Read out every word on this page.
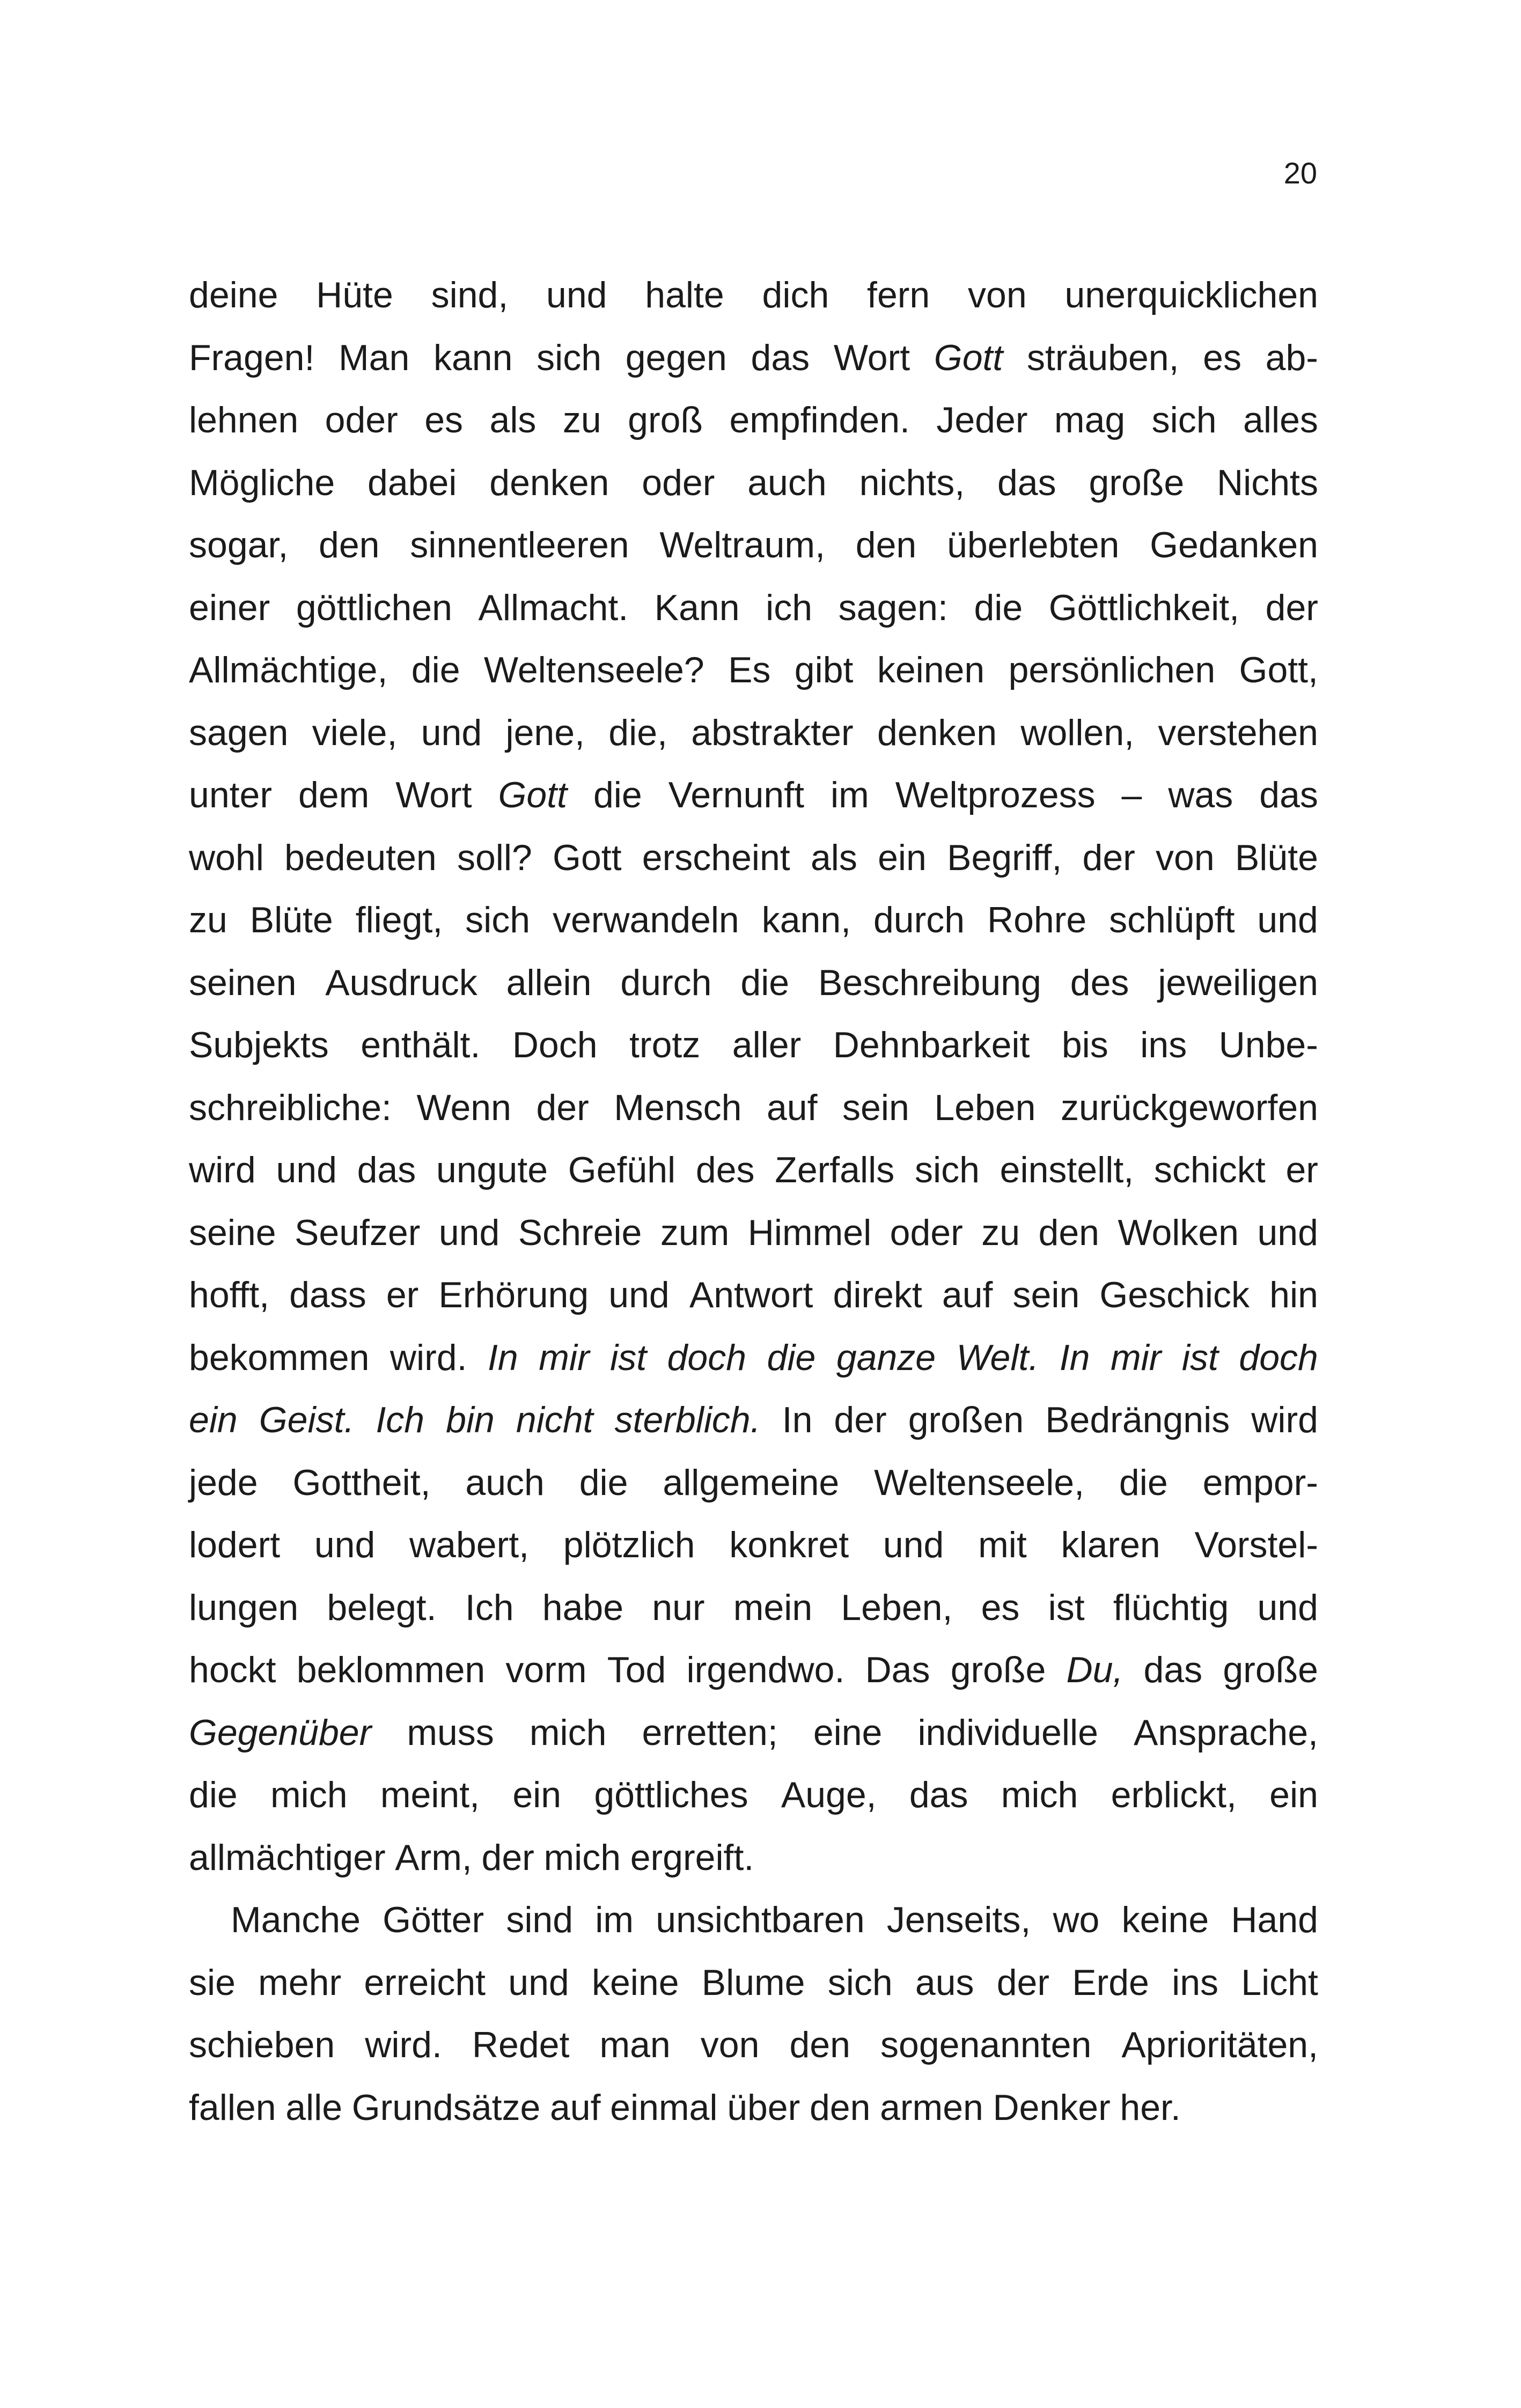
20
deine Hüte sind, und halte dich fern von unerquicklichen
Fragen! Man kann sich gegen das Wort Gott sträuben, es ab-
lehnen oder es als zu groß empfinden. Jeder mag sich alles
Mögliche dabei denken oder auch nichts, das große Nichts
sogar, den sinnentleeren Weltraum, den überlebten Gedanken
einer göttlichen Allmacht. Kann ich sagen: die Göttlichkeit, der
Allmächtige, die Weltenseele? Es gibt keinen persönlichen Gott,
sagen viele, und jene, die, abstrakter denken wollen, verstehen
unter dem Wort Gott die Vernunft im Weltprozess – was das
wohl bedeuten soll? Gott erscheint als ein Begriff, der von Blüte
zu Blüte fliegt, sich verwandeln kann, durch Rohre schlüpft und
seinen Ausdruck allein durch die Beschreibung des jeweiligen
Subjekts enthält. Doch trotz aller Dehnbarkeit bis ins Unbe-
schreibliche: Wenn der Mensch auf sein Leben zurückgeworfen
wird und das ungute Gefühl des Zerfalls sich einstellt, schickt er
seine Seufzer und Schreie zum Himmel oder zu den Wolken und
hofft, dass er Erhörung und Antwort direkt auf sein Geschick hin
bekommen wird. In mir ist doch die ganze Welt. In mir ist doch
ein Geist. Ich bin nicht sterblich. In der großen Bedrängnis wird
jede Gottheit, auch die allgemeine Weltenseele, die empor-
lodert und wabert, plötzlich konkret und mit klaren Vorstel-
lungen belegt. Ich habe nur mein Leben, es ist flüchtig und
hockt beklommen vorm Tod irgendwo. Das große Du, das große
Gegenüber muss mich erretten; eine individuelle Ansprache,
die mich meint, ein göttliches Auge, das mich erblickt, ein
allmächtiger Arm, der mich ergreift.
Manche Götter sind im unsichtbaren Jenseits, wo keine Hand
sie mehr erreicht und keine Blume sich aus der Erde ins Licht
schieben wird. Redet man von den sogenannten Aprioritäten,
fallen alle Grundsätze auf einmal über den armen Denker her.
